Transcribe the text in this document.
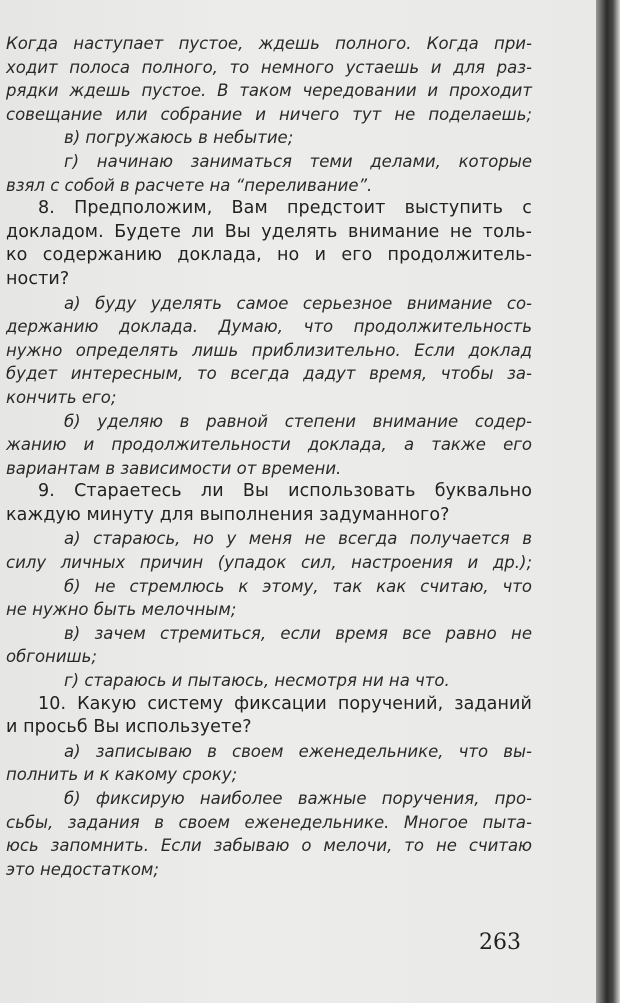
Когда наступает пустое, ждешь полного. Когда при-
ходит полоса полного, то немного устаешь и для раз-
рядки ждешь пустое. В таком чередовании и проходит
совещание или собрание и ничего тут не поделаешь;
в) погружаюсь в небытие;
г) начинаю заниматься теми делами, которые
взял с собой в расчете на “переливание”.
8. Предположим, Вам предстоит выступить с
докладом. Будете ли Вы уделять внимание не толь-
ко содержанию доклада, но и его продолжитель-
ности?
а) буду уделять самое серьезное внимание со-
держанию доклада. Думаю, что продолжительность
нужно определять лишь приблизительно. Если доклад
будет интересным, то всегда дадут время, чтобы за-
кончить его;
б) уделяю в равной степени внимание содер-
жанию и продолжительности доклада, а также его
вариантам в зависимости от времени.
9. Стараетесь ли Вы использовать буквально
каждую минуту для выполнения задуманного?
а) стараюсь, но у меня не всегда получается в
силу личных причин (упадок сил, настроения и др.);
б) не стремлюсь к этому, так как считаю, что
не нужно быть мелочным;
в) зачем стремиться, если время все равно не
обгонишь;
г) стараюсь и пытаюсь, несмотря ни на что.
10. Какую систему фиксации поручений, заданий
и просьб Вы используете?
а) записываю в своем еженедельнике, что вы-
полнить и к какому сроку;
б) фиксирую наиболее важные поручения, про-
сьбы, задания в своем еженедельнике. Многое пыта-
юсь запомнить. Если забываю о мелочи, то не считаю
это недостатком;
263
